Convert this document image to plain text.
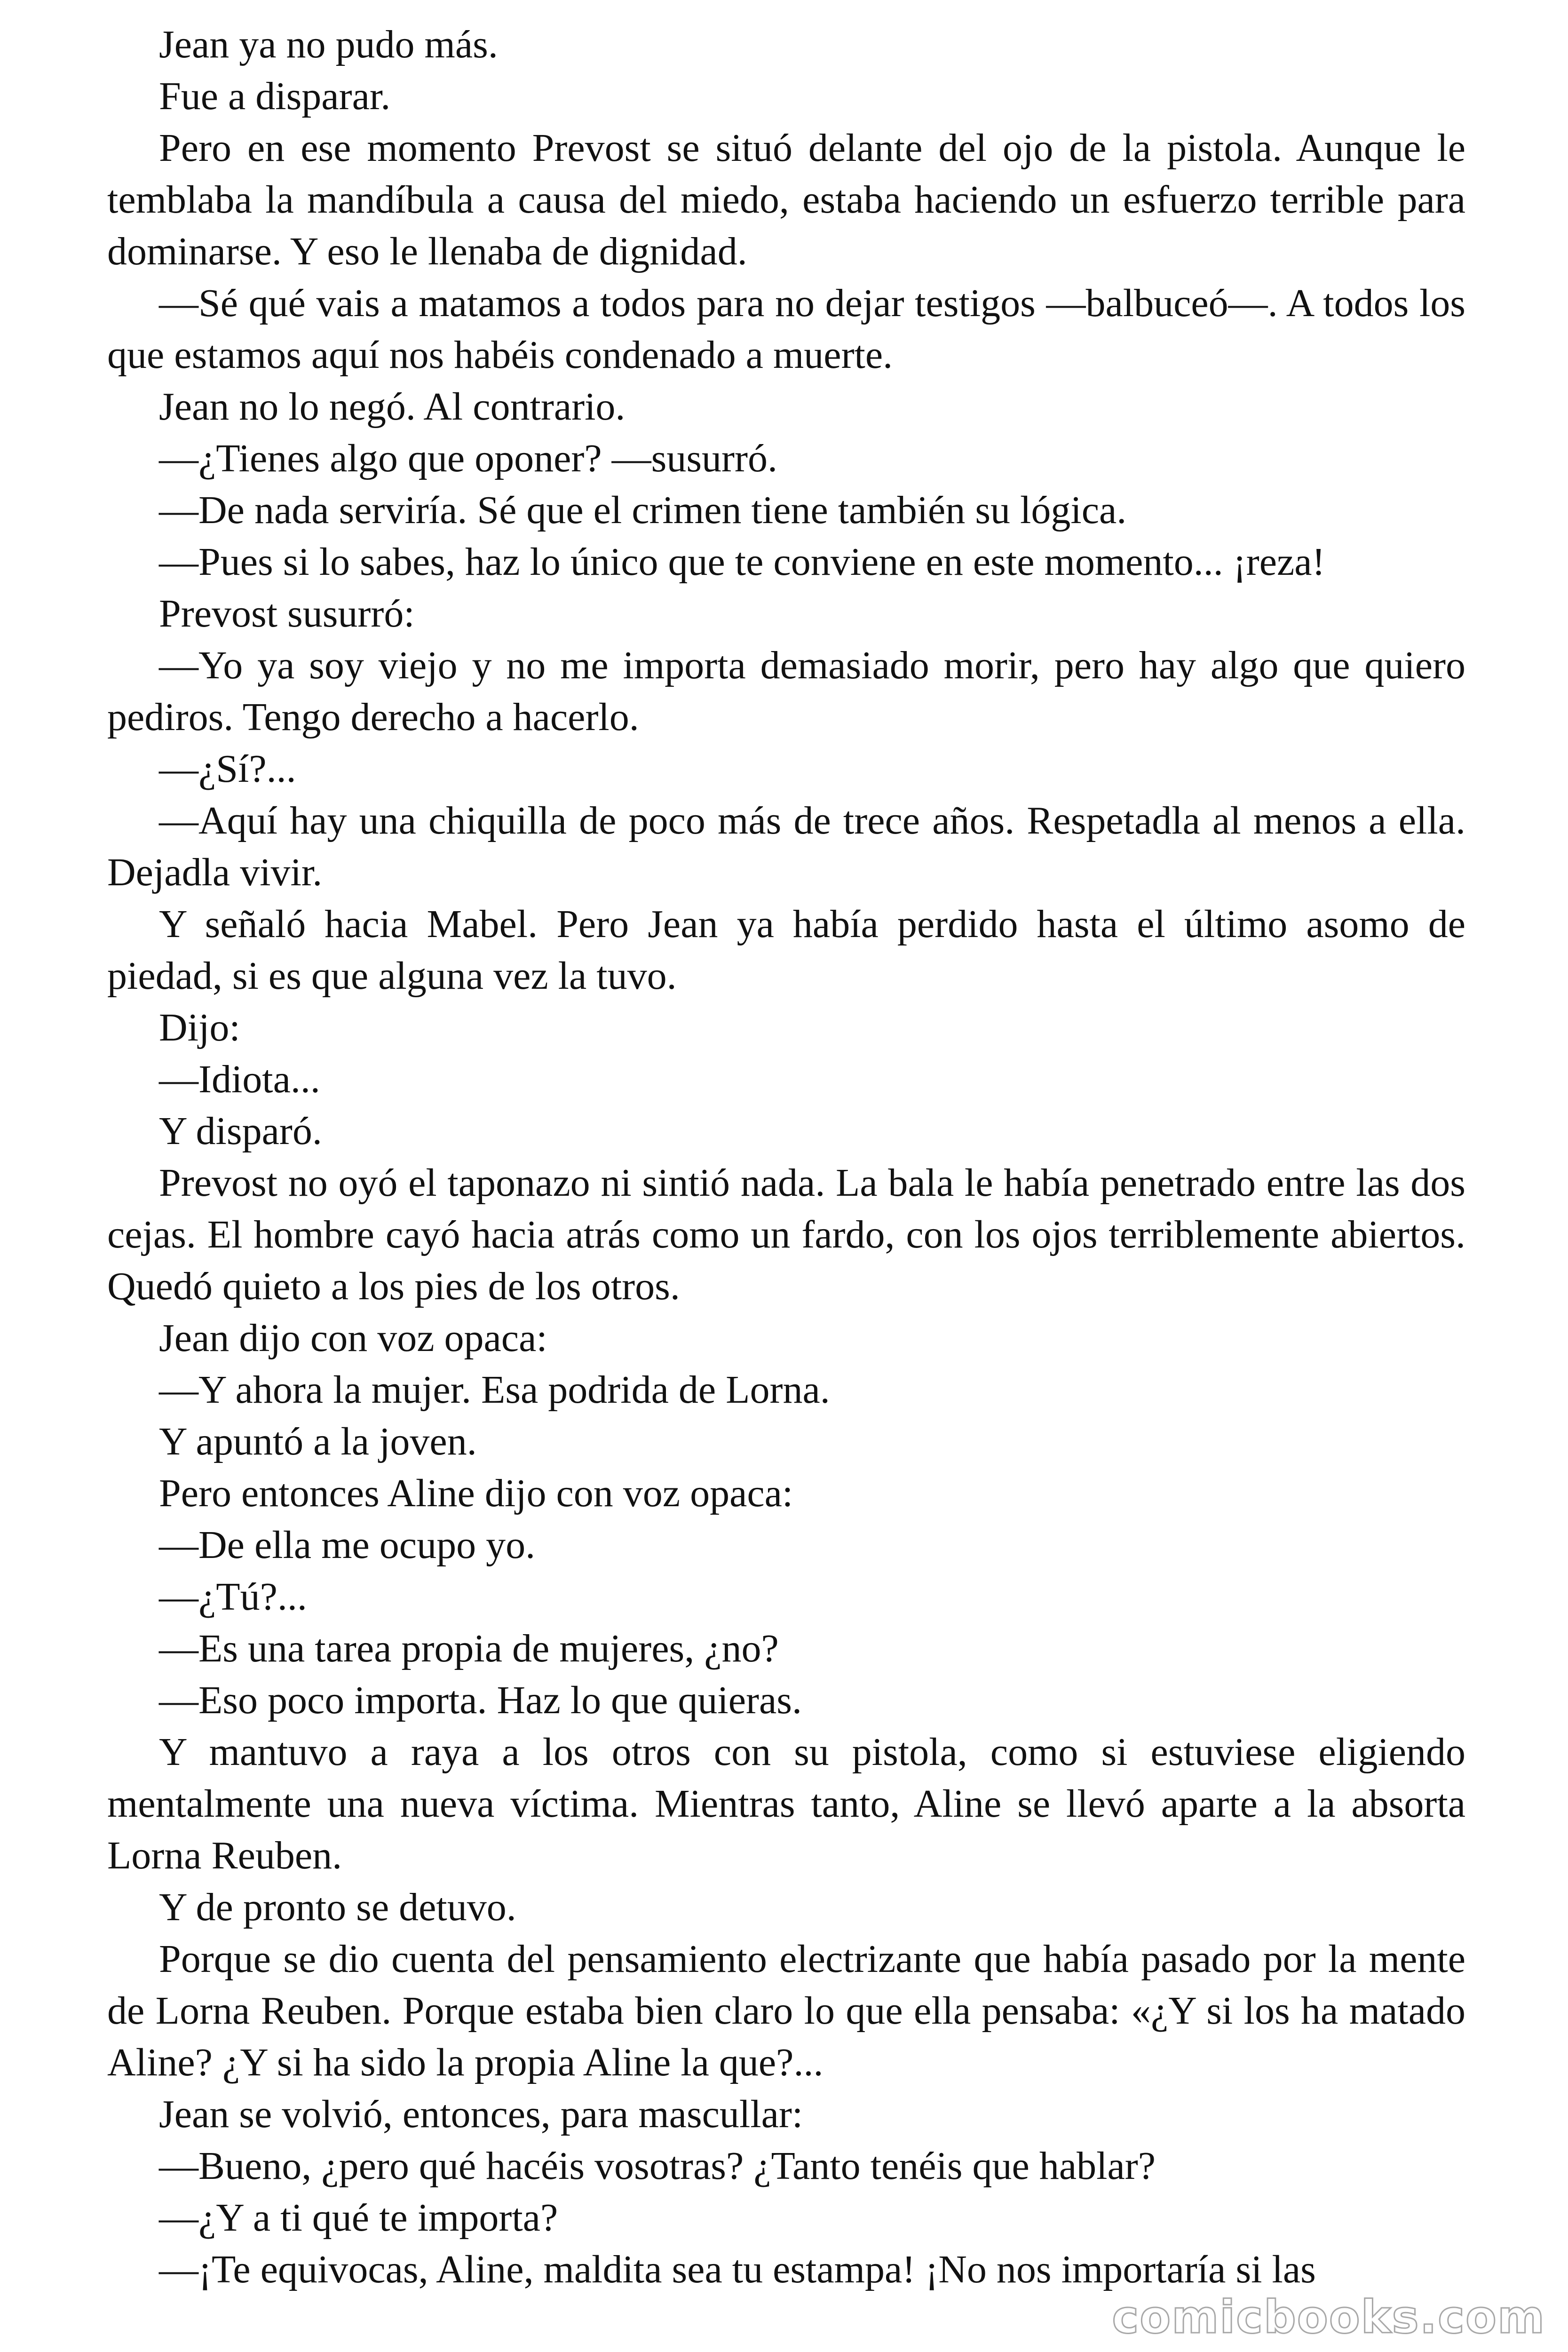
Jean ya no pudo más.

Fue a disparar.

Pero en ese momento Prevost se situó delante del ojo de la pistola. Aunque le temblaba la mandíbula a causa del miedo, estaba haciendo un esfuerzo terrible para dominarse. Y eso le llenaba de dignidad.

—Sé qué vais a matamos a todos para no dejar testigos —balbuceó—. A todos los que estamos aquí nos habéis condenado a muerte.

Jean no lo negó. Al contrario.

—¿Tienes algo que oponer? —susurró.

—De nada serviría. Sé que el crimen tiene también su lógica.

—Pues si lo sabes, haz lo único que te conviene en este momento... ¡reza!

Prevost susurró:

—Yo ya soy viejo y no me importa demasiado morir, pero hay algo que quiero pediros. Tengo derecho a hacerlo.

—¿Sí?...

—Aquí hay una chiquilla de poco más de trece años. Respetadla al menos a ella. Dejadla vivir.

Y señaló hacia Mabel. Pero Jean ya había perdido hasta el último asomo de piedad, si es que alguna vez la tuvo.

Dijo:

—Idiota...

Y disparó.

Prevost no oyó el taponazo ni sintió nada. La bala le había penetrado entre las dos cejas. El hombre cayó hacia atrás como un fardo, con los ojos terriblemente abiertos. Quedó quieto a los pies de los otros.

Jean dijo con voz opaca:

—Y ahora la mujer. Esa podrida de Lorna.

Y apuntó a la joven.

Pero entonces Aline dijo con voz opaca:

—De ella me ocupo yo.

—¿Tú?...

—Es una tarea propia de mujeres, ¿no?

—Eso poco importa. Haz lo que quieras.

Y mantuvo a raya a los otros con su pistola, como si estuviese eligiendo mentalmente una nueva víctima. Mientras tanto, Aline se llevó aparte a la absorta Lorna Reuben.

Y de pronto se detuvo.

Porque se dio cuenta del pensamiento electrizante que había pasado por la mente de Lorna Reuben. Porque estaba bien claro lo que ella pensaba: «¿Y si los ha matado Aline? ¿Y si ha sido la propia Aline la que?...

Jean se volvió, entonces, para mascullar:

—Bueno, ¿pero qué hacéis vosotras? ¿Tanto tenéis que hablar?

—¿Y a ti qué te importa?

—¡Te equivocas, Aline, maldita sea tu estampa! ¡No nos importaría si las

comicbooks.com
